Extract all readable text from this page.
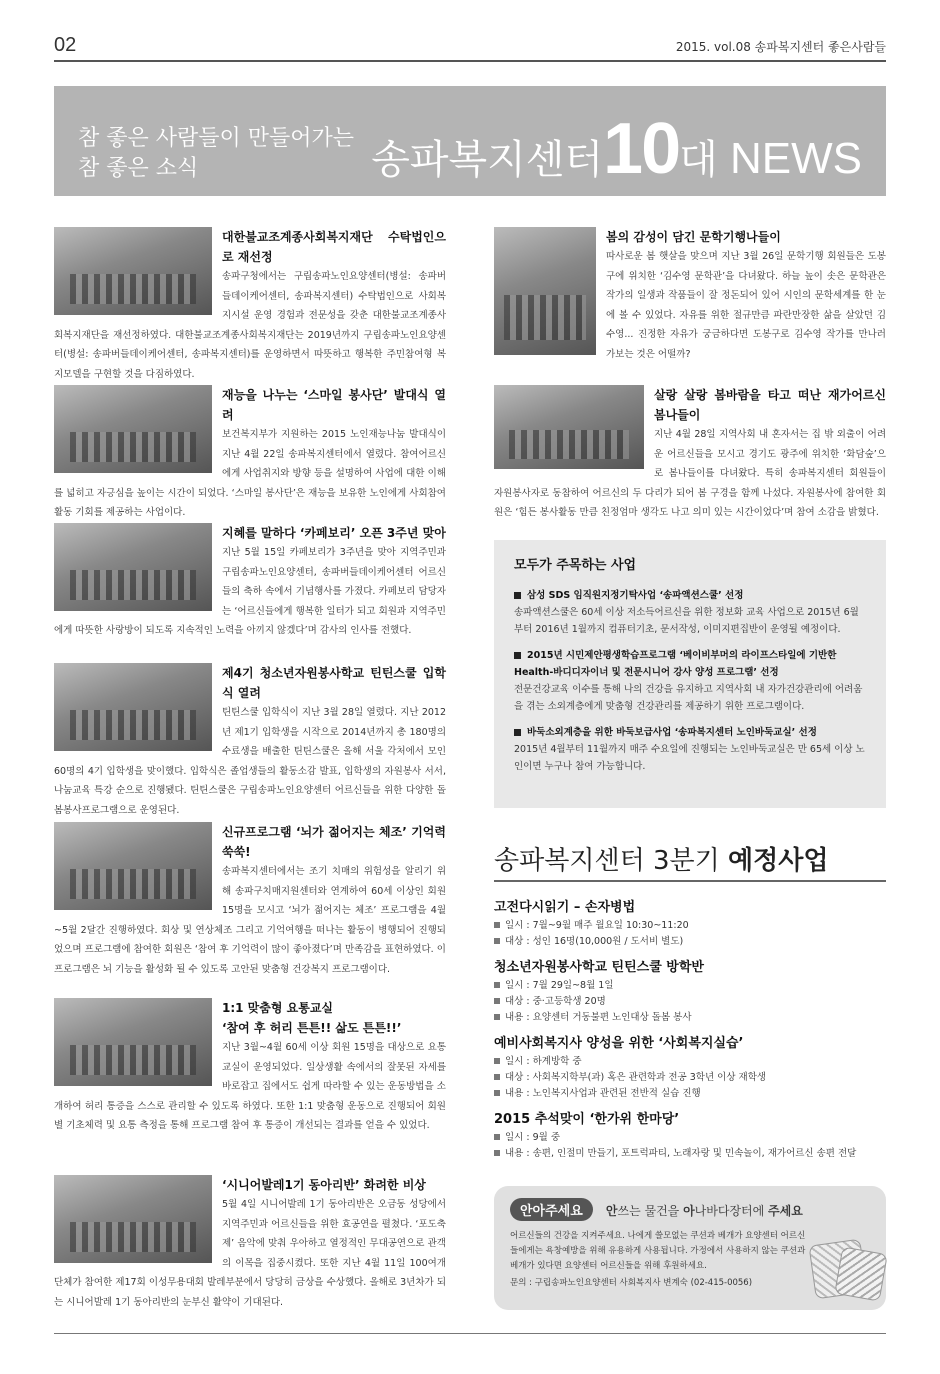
02	2015. vol.08 송파복지센터 좋은사람들
참 좋은 사람들이 만들어가는
참 좋은 소식	송파복지센터10대 NEWS
대한불교조계종사회복지재단 수탁법인으로 재선정
송파구청에서는 구립송파노인요양센터(병설: 송파버들데이케어센터, 송파복지센터) 수탁법인으로 사회복지시설 운영 경험과 전문성을 갖춘 대한불교조계종사회복지재단을 재선정하였다. 대한불교조계종사회복지재단는 2019년까지 구립송파노인요양센터(병설: 송파버들데이케어센터, 송파복지센터)를 운영하면서 따뜻하고 행복한 주민참여형 복지모델을 구현할 것을 다짐하였다.
재능을 나누는 ‘스마일 봉사단’ 발대식 열려
보건복지부가 지원하는 2015 노인재능나눔 발대식이 지난 4월 22일 송파복지센터에서 열렸다. 참여어르신에게 사업취지와 방향 등을 설명하여 사업에 대한 이해를 넓히고 자긍심을 높이는 시간이 되었다. ‘스마일 봉사단’은 재능을 보유한 노인에게 사회참여 활동 기회를 제공하는 사업이다.
지혜를 말하다 ‘카페보리’ 오픈 3주년 맞아
지난 5월 15일 카페보리가 3주년을 맞아 지역주민과 구립송파노인요양센터, 송파버들데이케어센터 어르신들의 축하 속에서 기념행사를 가졌다. 카페보리 담당자는 ‘어르신들에게 행복한 일터가 되고 회원과 지역주민에게 따뜻한 사랑방이 되도록 지속적인 노력을 아끼지 않겠다’며 감사의 인사를 전했다.
제4기 청소년자원봉사학교 틴틴스쿨 입학식 열려
틴틴스쿨 입학식이 지난 3월 28일 열렸다. 지난 2012년 제1기 입학생을 시작으로 2014년까지 총 180명의 수료생을 배출한 틴틴스쿨은 올해 서울 각처에서 모인 60명의 4기 입학생을 맞이했다. 입학식은 졸업생들의 활동소감 발표, 입학생의 자원봉사 서서, 나눔교육 특강 순으로 진행됐다. 틴틴스쿨은 구립송파노인요양센터 어르신들을 위한 다양한 돌봄봉사프로그램으로 운영된다.
신규프로그램 ‘뇌가 젊어지는 체조’ 기억력 쑥쑥!
송파복지센터에서는 조기 치매의 위험성을 알리기 위해 송파구치매지원센터와 연계하여 60세 이상인 회원 15명을 모시고 ‘뇌가 젊어지는 체조’ 프로그램을 4월~5월 2달간 진행하였다. 회상 및 연상체조 그리고 기억여행을 떠나는 활동이 병행되어 진행되었으며 프로그램에 참여한 회원은 ‘참여 후 기억력이 많이 좋아졌다’며 만족감을 표현하였다. 이 프로그램은 뇌 기능을 활성화 될 수 있도록 고안된 맞춤형 건강복지 프로그램이다.
1:1 맞춤형 요통교실
‘참여 후 허리 튼튼!! 삶도 튼튼!!’
지난 3월~4월 60세 이상 회원 15명을 대상으로 요통교실이 운영되었다. 일상생활 속에서의 잘못된 자세를 바로잡고 집에서도 쉽게 따라할 수 있는 운동방법을 소개하여 허리 통증을 스스로 관리할 수 있도록 하였다. 또한 1:1 맞춤형 운동으로 진행되어 회원별 기초체력 및 요통 측정을 통해 프로그램 참여 후 통증이 개선되는 결과를 얻을 수 있었다.
‘시니어발레1기 동아리반’ 화려한 비상
5월 4일 시니어발레 1기 동아리반은 오금동 성당에서 지역주민과 어르신들을 위한 효공연을 펼쳤다. ‘포도축제’ 음악에 맞춰 우아하고 열정적인 무대공연으로 관객의 이목을 집중시켰다. 또한 지난 4월 11일 100여개 단체가 참여한 제17회 이성무용대회 발레부분에서 당당히 금상을 수상했다. 올해로 3년차가 되는 시니어발레 1기 동아리반의 눈부신 활약이 기대된다.
봄의 감성이 담긴 문학기행나들이
따사로운 봄 햇살을 맞으며 지난 3월 26일 문학기행 회원들은 도봉구에 위치한 ‘김수영 문학관’을 다녀왔다. 하늘 높이 솟은 문학관은 작가의 일생과 작품들이 잘 정돈되어 있어 시인의 문학세계를 한 눈에 볼 수 있었다. 자유를 위한 절규만큼 파란만장한 삶을 살았던 김수영... 진정한 자유가 궁금하다면 도봉구로 김수영 작가를 만나러 가보는 것은 어떨까?
살랑 살랑 봄바람을 타고 떠난 재가어르신 봄나들이
지난 4월 28일 지역사회 내 혼자서는 집 밖 외출이 어려운 어르신들을 모시고 경기도 광주에 위치한 ‘화담숲’으로 봄나들이를 다녀왔다. 특히 송파복지센터 회원들이 자원봉사자로 동참하여 어르신의 두 다리가 되어 봄 구경을 함께 나섰다. 자원봉사에 참여한 회원은 ‘힘든 봉사활동 만큼 친정엄마 생각도 나고 의미 있는 시간이었다’며 참여 소감을 밝혔다.
모두가 주목하는 사업
삼성 SDS 임직원지정기탁사업 ‘송파액션스쿨’ 선정
송파액션스쿨은 60세 이상 저소득어르신을 위한 정보화 교육 사업으로 2015년 6월부터 2016년 1월까지 컴퓨터기초, 문서작성, 이미지편집반이 운영될 예정이다.
2015년 시민제안평생학습프로그램 ‘베이비부머의 라이프스타일에 기반한 Health-바디디자이너 및 전문시니어 강사 양성 프로그램’ 선정
전문건강교육 이수를 통해 나의 건강을 유지하고 지역사회 내 자가건강관리에 어려움을 겪는 소외계층에게 맞춤형 건강관리를 제공하기 위한 프로그램이다.
바둑소외계층을 위한 바둑보급사업 ‘송파복지센터 노인바둑교실’ 선정
2015년 4월부터 11월까지 매주 수요일에 진행되는 노인바둑교실은 만 65세 이상 노인이면 누구나 참여 가능합니다.
송파복지센터 3분기 예정사업
고전다시읽기 – 손자병법
일시 : 7월~9월 매주 월요일 10:30~11:20
대상 : 성인 16명(10,000원 / 도서비 별도)
청소년자원봉사학교 틴틴스쿨 방학반
일시 : 7월 29일~8월 1일
대상 : 중·고등학생 20명
내용 : 요양센터 거동불편 노인대상 돌봄 봉사
예비사회복지사 양성을 위한 ‘사회복지실습’
일시 : 하계방학 중
대상 : 사회복지학부(과) 혹은 관련학과 전공 3학년 이상 재학생
내용 : 노인복지사업과 관련된 전반적 실습 진행
2015 추석맞이 ‘한가위 한마당’
일시 : 9월 중
내용 : 송편, 인절미 만들기, 포트럭파티, 노래자랑 및 민속놀이, 재가어르신 송편 전달
안아주세요 안쓰는 물건을 아나바다장터에 주세요
어르신들의 건강을 지켜주세요. 나에게 쓸모없는 쿠션과 베개가 요양센터 어르신들에게는 욕창예방을 위해 유용하게 사용됩니다. 가정에서 사용하지 않는 쿠션과 베개가 있다면 요양센터 어르신들을 위해 후원하세요.
문의 : 구립송파노인요양센터 사회복지사 변계숙 (02-415-0056)
